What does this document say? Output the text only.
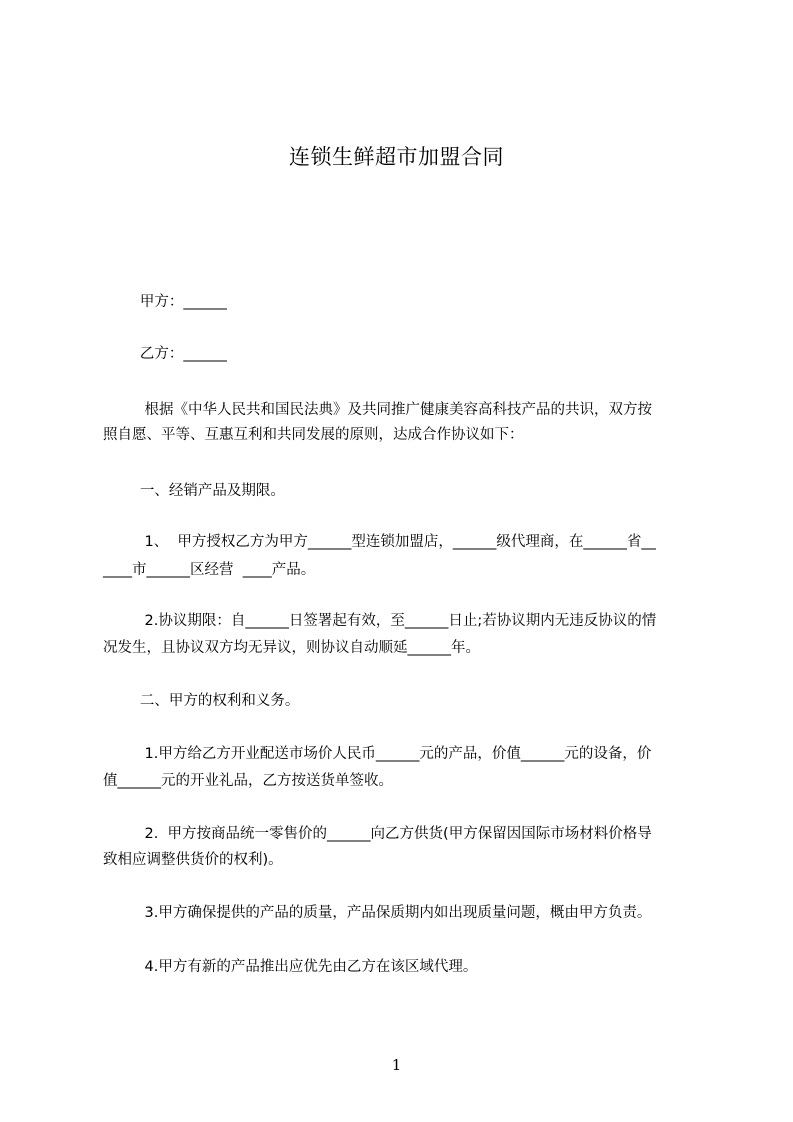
连锁生鲜超市加盟合同
甲方：______
乙方：______
根据《中华人民共和国民法典》及共同推广健康美容高科技产品的共识，双方按
照自愿、平等、互惠互利和共同发展的原则，达成合作协议如下：
一、经销产品及期限。
1、  甲方授权乙方为甲方______型连锁加盟店，______级代理商，在______省__
____市______区经营  ____产品。
2.协议期限：自______日签署起有效，至______日止;若协议期内无违反协议的情
况发生，且协议双方均无异议，则协议自动顺延______年。
二、甲方的权利和义务。
1.甲方给乙方开业配送市场价人民币______元的产品，价值______元的设备，价
值______元的开业礼品，乙方按送货单签收。
2.  甲方按商品统一零售价的______向乙方供货(甲方保留因国际市场材料价格导
致相应调整供货价的权利)。
3.甲方确保提供的产品的质量，产品保质期内如出现质量问题，概由甲方负责。
4.甲方有新的产品推出应优先由乙方在该区域代理。
1
